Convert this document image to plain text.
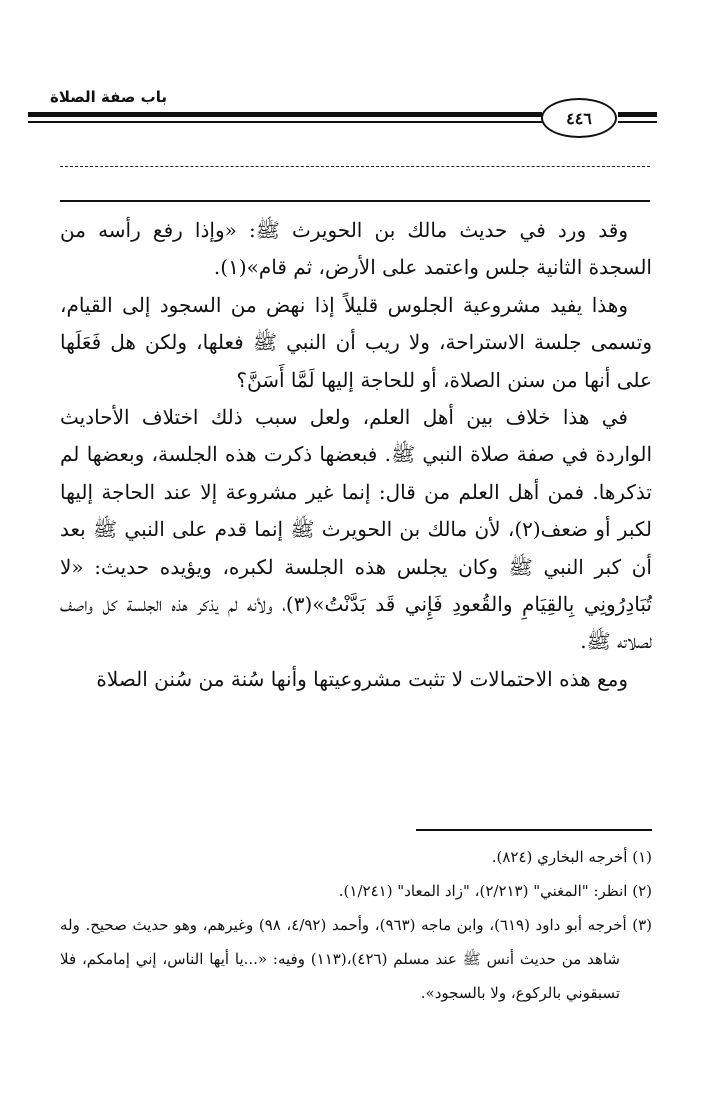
باب صفة الصلاة
٤٤٦

وقد ورد في حديث مالك بن الحويرث ﷺ: «وإذا رفع رأسه من السجدة الثانية جلس واعتمد على الأرض، ثم قام»(١).

وهذا يفيد مشروعية الجلوس قليلاً إذا نهض من السجود إلى القيام، وتسمى جلسة الاستراحة، ولا ريب أن النبي ﷺ فعلها، ولكن هل فَعَلَها على أنها من سنن الصلاة، أو للحاجة إليها لَمَّا أَسَنَّ؟

في هذا خلاف بين أهل العلم، ولعل سبب ذلك اختلاف الأحاديث الواردة في صفة صلاة النبي ﷺ. فبعضها ذكرت هذه الجلسة، وبعضها لم تذكرها. فمن أهل العلم من قال: إنما غير مشروعة إلا عند الحاجة إليها لكبر أو ضعف(٢)، لأن مالك بن الحويرث ﷺ إنما قدم على النبي ﷺ بعد أن كبر النبي ﷺ وكان يجلس هذه الجلسة لكبره، ويؤيده حديث: «لا تُبَادِرُونِي بِالقِيَامِ والقُعودِ فَإِني قَد بَدَّنْتُ»(٣)، ولأنه لم يذكر هذه الجلسة كل واصف لصلاته ﷺ.

ومع هذه الاحتمالات لا تثبت مشروعيتها وأنها سُنة من سُنن الصلاة

(١) أخرجه البخاري (٨٢٤).

(٢) انظر: "المغني" (٢/٢١٣)، "زاد المعاد" (١/٢٤١).

(٣) أخرجه أبو داود (٦١٩)، وابن ماجه (٩٦٣)، وأحمد (٤/٩٢، ٩٨) وغيرهم، وهو حديث صحيح. وله شاهد من حديث أنس ﷺ عند مسلم (٤٢٦)،(١١٣) وفيه: «...يا أيها الناس، إني إمامكم، فلا تسبقوني بالركوع، ولا بالسجود».
